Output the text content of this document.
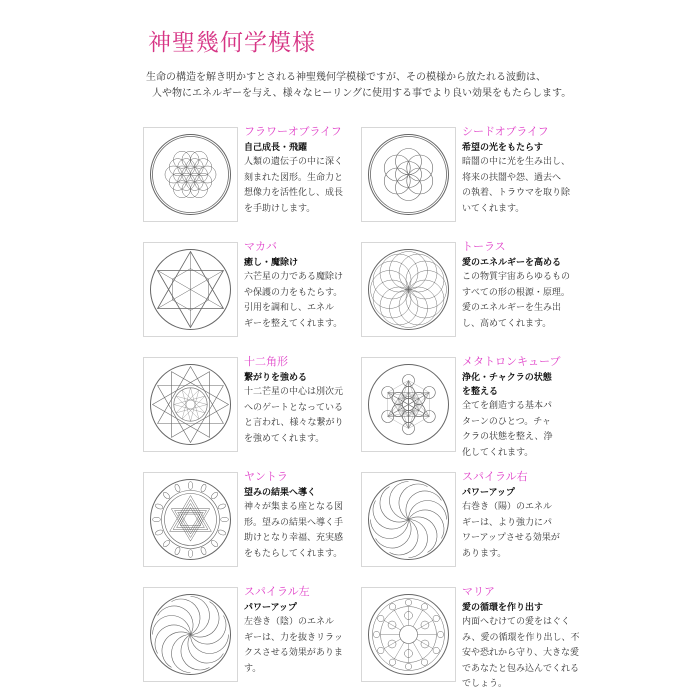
神聖幾何学模様

生命の構造を解き明かすとされる神聖幾何学模様ですが、その模様から放たれる波動は、

人や物にエネルギーを与え、様々なヒーリングに使用する事でより良い効果をもたらします。

フラワーオブライフ
自己成長・飛躍
人類の遺伝子の中に深く
刻まれた図形。生命力と
想像力を活性化し、成長
を手助けします。
シードオブライフ
希望の光をもたらす
暗闇の中に光を生み出し、
将来の扶闇や怨、過去へ
の執着、トラウマを取り除
いてくれます。
マカバ
癒し・魔除け
六芒星の力である魔除け
や保護の力をもたらす。
引用を調和し、エネル
ギーを整えてくれます。
トーラス
愛のエネルギーを高める
この物質宇宙あらゆるもの
すべての形の根源・原理。
愛のエネルギーを生み出
し、高めてくれます。
十二角形
繋がりを強める
十二芒星の中心は別次元
へのゲートとなっている
と言われ、様々な繋がり
を強めてくれます。
メタトロンキューブ
浄化・チャクラの状態
を整える
全てを創造する基本パ
ターンのひとつ。チャ
クラの状態を整え、浄
化してくれます。
ヤントラ
望みの結果へ導く
神々が集まる座となる図
形。望みの結果へ導く手
助けとなり幸福、充実感
をもたらしてくれます。
スパイラル右
パワーアップ
右巻き（陽）のエネル
ギーは、より強力にパ
ワーアップさせる効果が
あります。
スパイラル左
パワーアップ
左巻き（陰）のエネル
ギーは、力を抜きリラッ
クスさせる効果がありま
す。
マリア
愛の循環を作り出す
内面へむけての愛をはぐく
み、愛の循環を作り出し、不
安や恐れから守り、大きな愛
であなたと包み込んでくれる
でしょう。
